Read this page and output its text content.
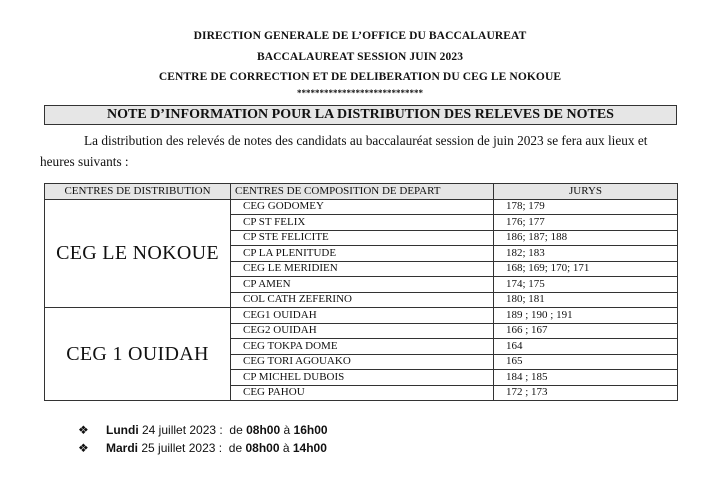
DIRECTION GENERALE DE L’OFFICE DU BACCALAUREAT
BACCALAUREAT SESSION JUIN 2023
CENTRE DE CORRECTION ET DE DELIBERATION DU CEG LE NOKOUE
****************************
NOTE D’INFORMATION POUR LA DISTRIBUTION DES RELEVES DE NOTES
La distribution des relevés de notes des candidats au baccalauréat session de juin 2023 se fera aux lieux et heures suivants :
CENTRES DE DISTRIBUTION	CENTRES DE COMPOSITION DE DEPART	JURYS
CEG LE NOKOUE	CEG GODOMEY	178; 179
	CP ST FELIX	176; 177
	CP STE FELICITE	186; 187; 188
	CP LA PLENITUDE	182; 183
	CEG LE MERIDIEN	168; 169; 170; 171
	CP AMEN	174; 175
	COL CATH ZEFERINO	180; 181
CEG 1 OUIDAH	CEG1 OUIDAH	189 ; 190 ; 191
	CEG2 OUIDAH	166 ; 167
	CEG TOKPA DOME	164
	CEG TORI AGOUAKO	165
	CP MICHEL DUBOIS	184 ; 185
	CEG PAHOU	172 ; 173
❖ Lundi 24 juillet 2023 : de 08h00 à 16h00
❖ Mardi 25 juillet 2023 : de 08h00 à 14h00
